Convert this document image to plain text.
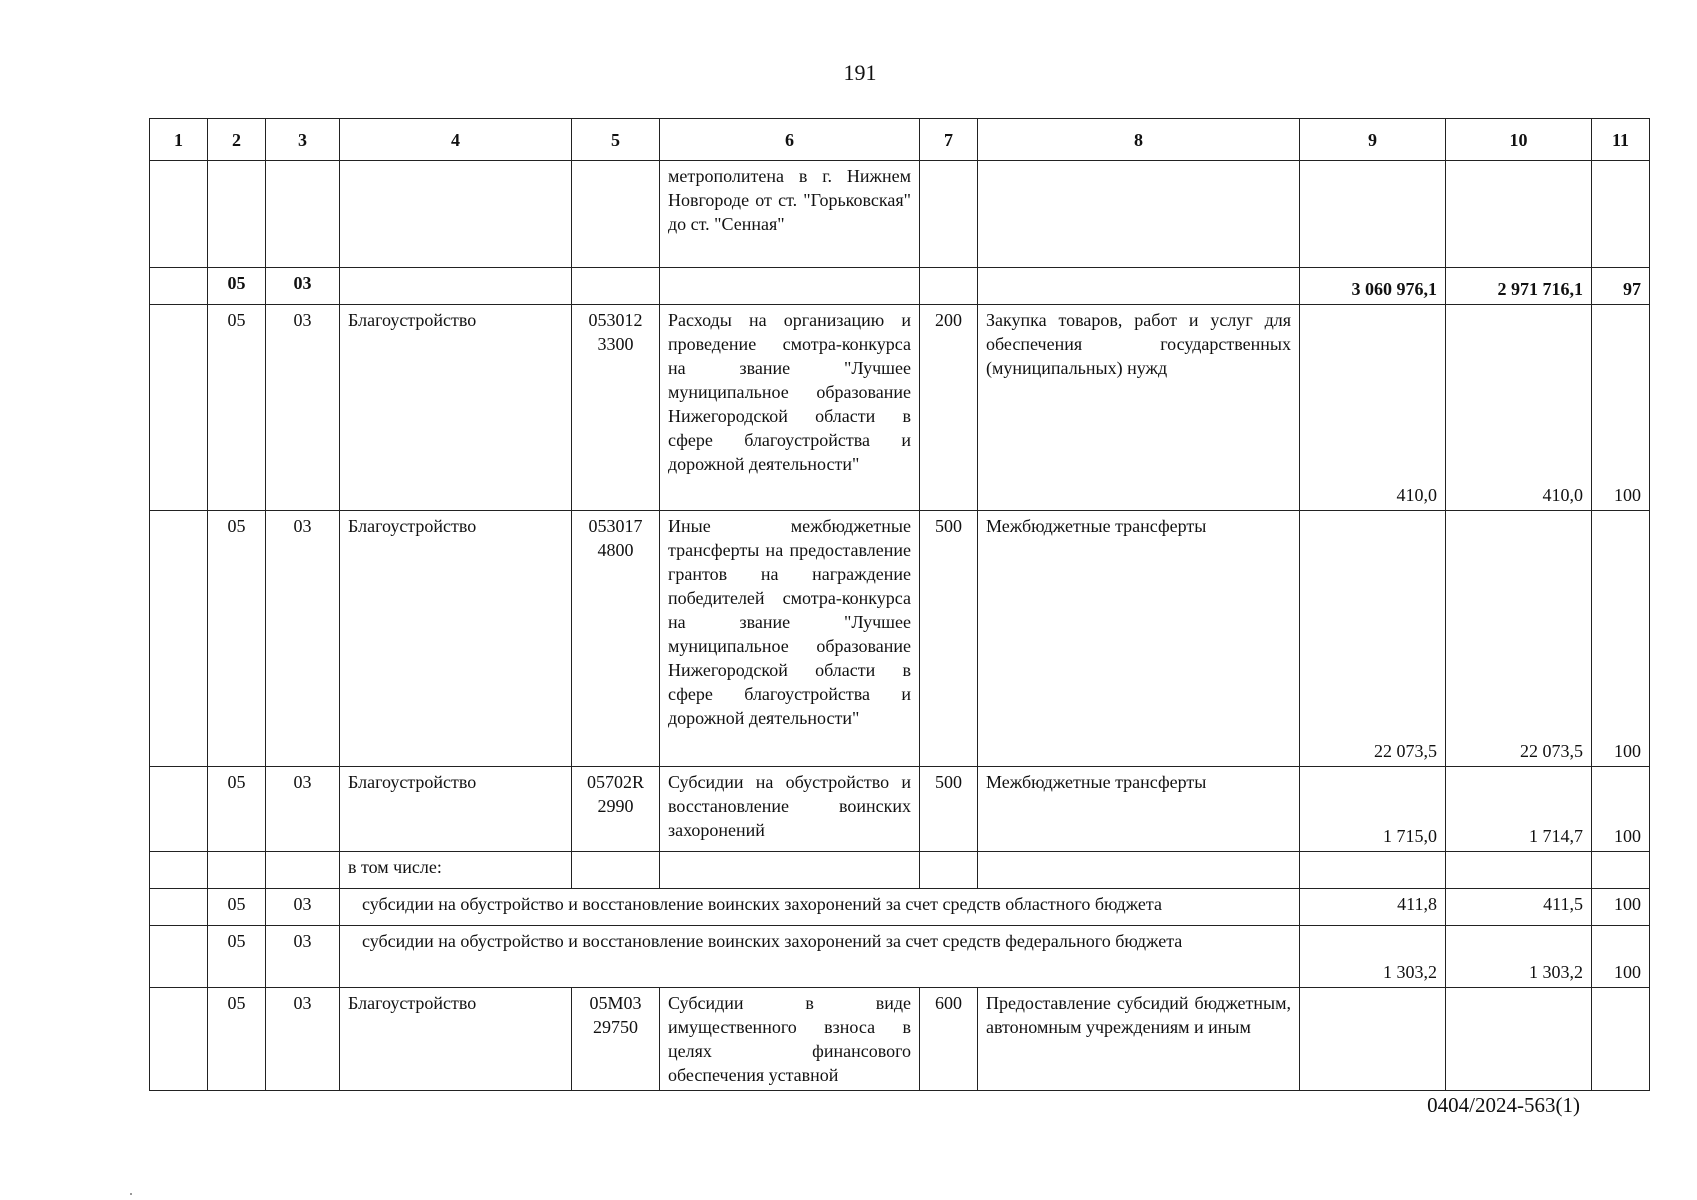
191
1	2	3	4	5	6	7	8	9	10	11
					метрополитена в г. Нижнем Новгороде от ст. "Горьковская" до ст. "Сенная"					
	05	03						3 060 976,1	2 971 716,1	97
	05	03	Благоустройство	053012 3300	Расходы на организацию и проведение смотра-конкурса на звание "Лучшее муниципальное образование Нижегородской области в сфере благоустройства и дорожной деятельности"	200	Закупка товаров, работ и услуг для обеспечения государственных (муниципальных) нужд	410,0	410,0	100
	05	03	Благоустройство	053017 4800	Иные межбюджетные трансферты на предоставление грантов на награждение победителей смотра-конкурса на звание "Лучшее муниципальное образование Нижегородской области в сфере благоустройства и дорожной деятельности"	500	Межбюджетные трансферты	22 073,5	22 073,5	100
	05	03	Благоустройство	05702R 2990	Субсидии на обустройство и восстановление воинских захоронений	500	Межбюджетные трансферты	1 715,0	1 714,7	100
			в том числе:							
	05	03	субсидии на обустройство и восстановление воинских захоронений за счет средств областного бюджета					411,8	411,5	100
	05	03	субсидии на обустройство и восстановление воинских захоронений за счет средств федерального бюджета					1 303,2	1 303,2	100
	05	03	Благоустройство	05М03 29750	Субсидии в виде имущественного взноса в целях финансового обеспечения уставной	600	Предоставление субсидий бюджетным, автономным учреждениям и иным			
0404/2024-563(1)
